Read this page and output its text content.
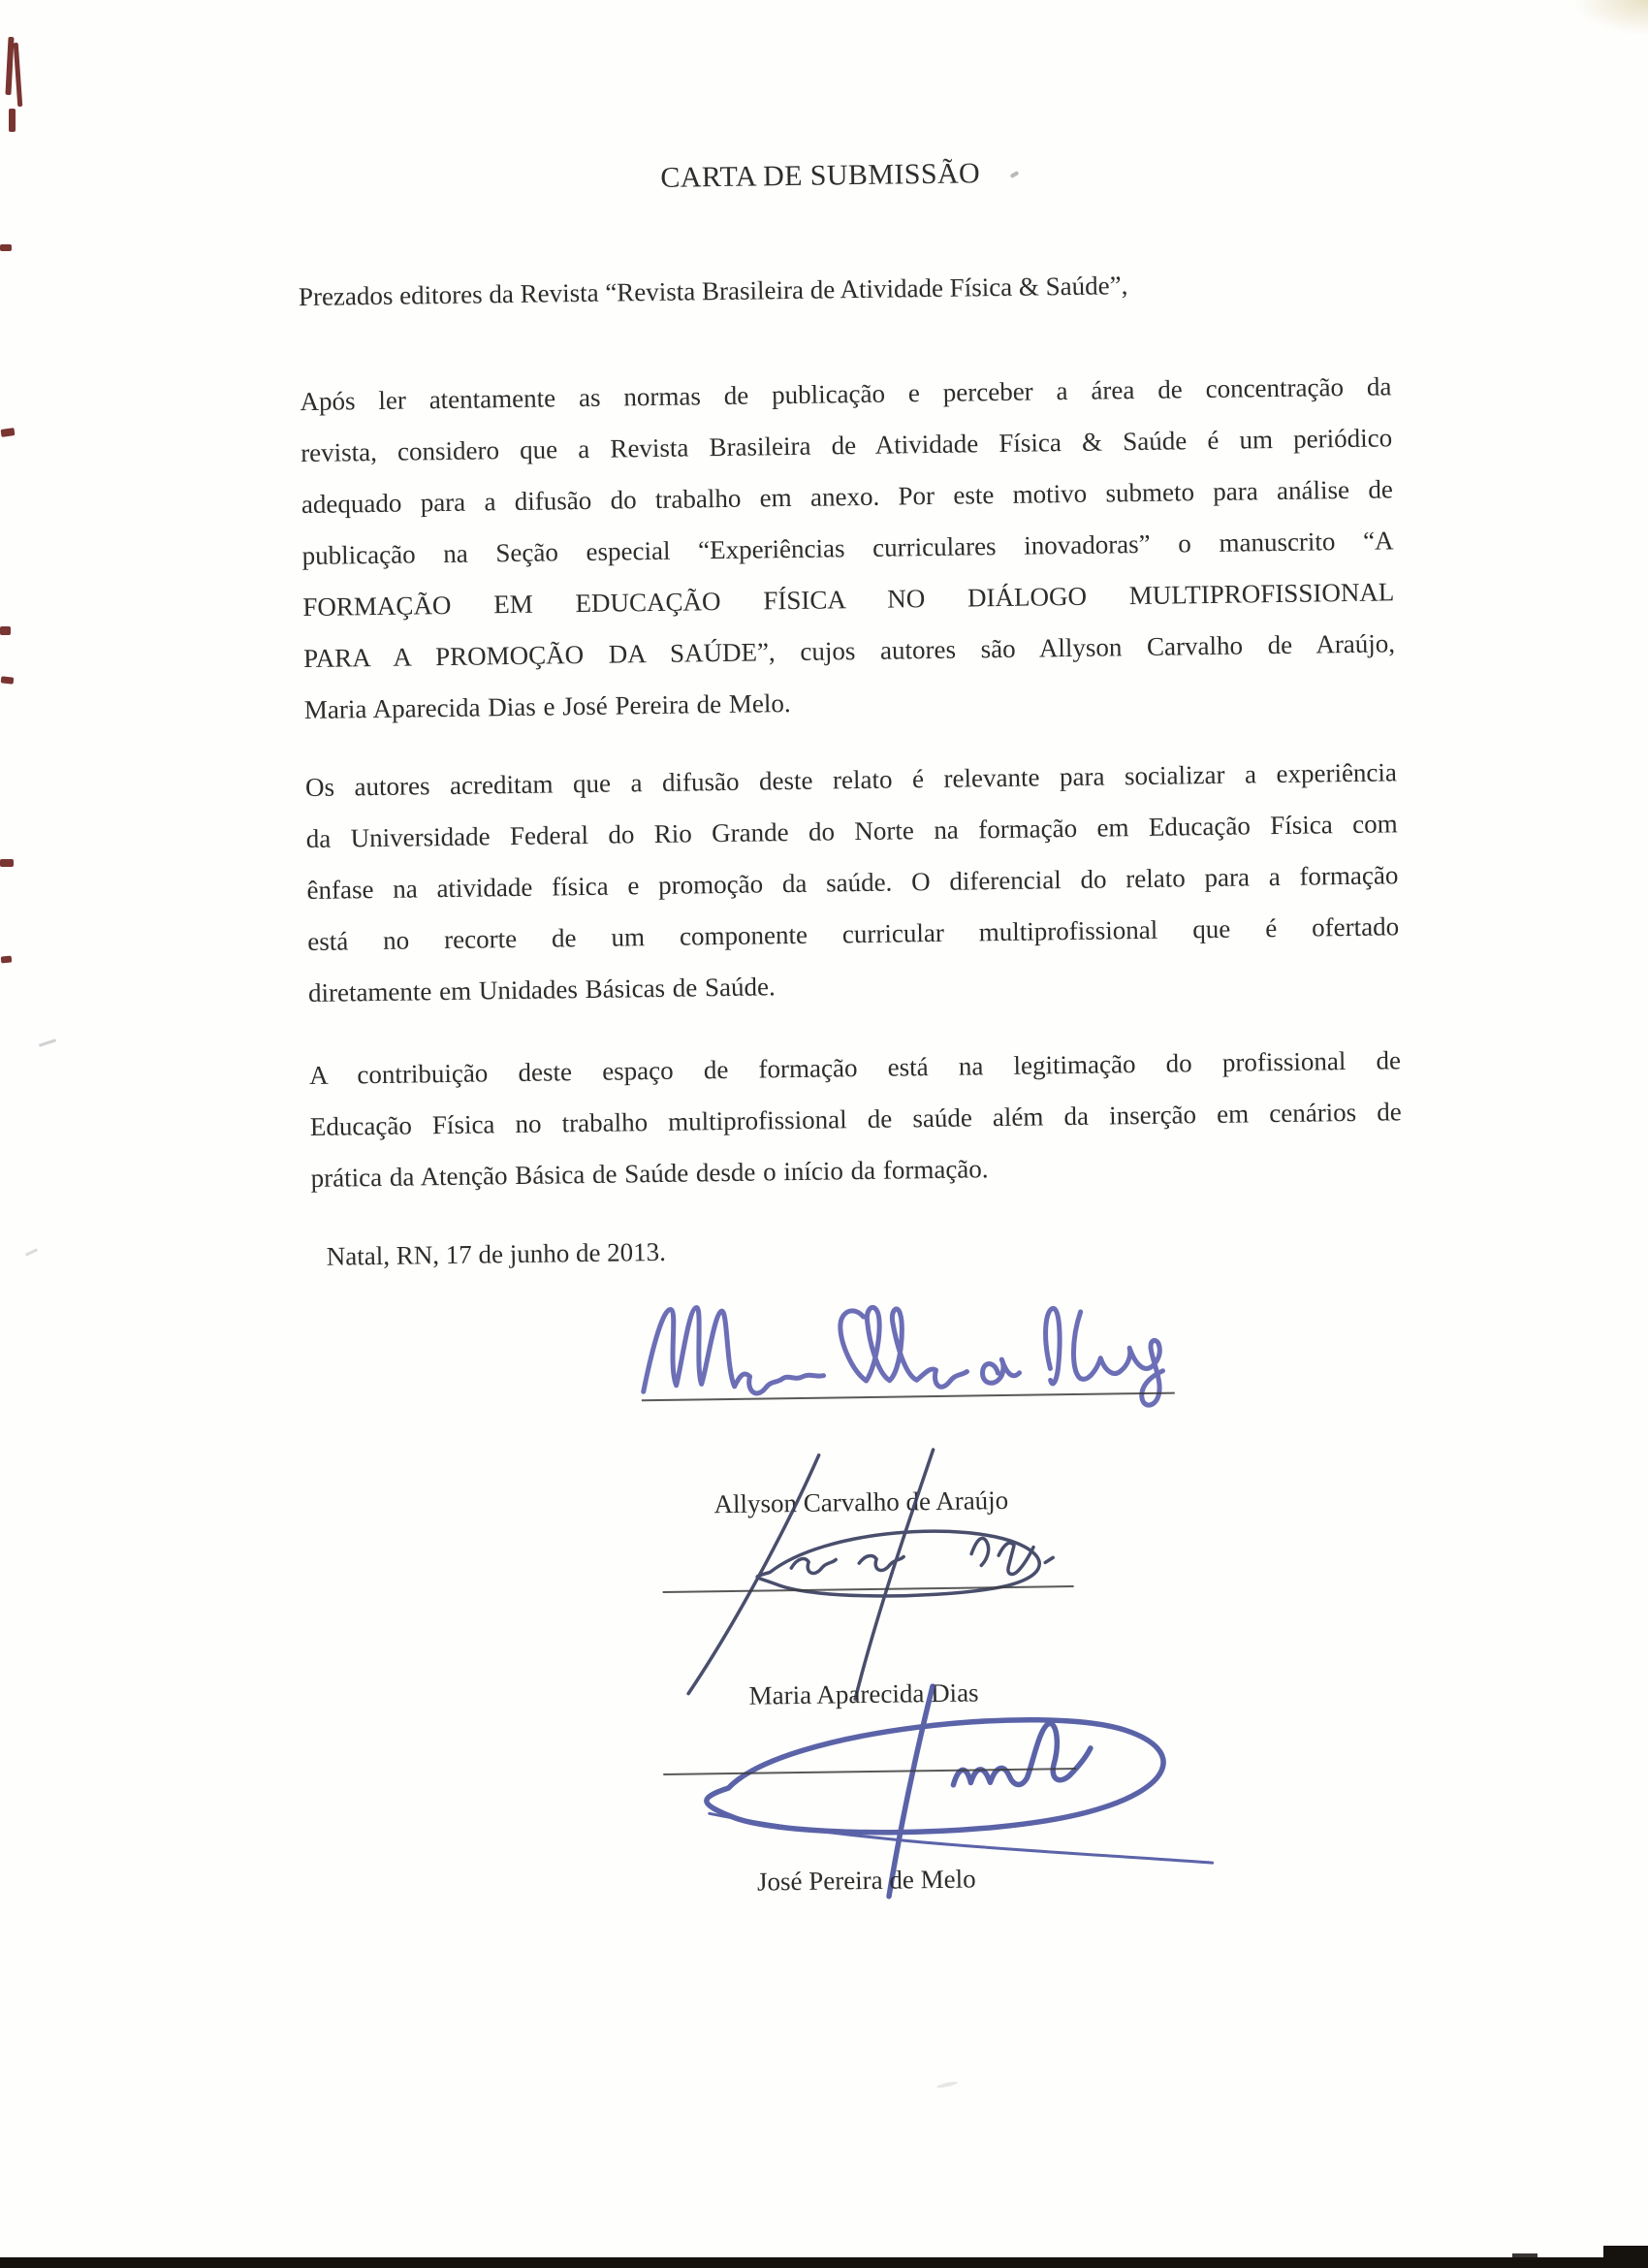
CARTA DE SUBMISSÃO

Prezados editores da Revista “Revista Brasileira de Atividade Física & Saúde”,

Após ler atentamente as normas de publicação e perceber a área de concentração da
revista, considero que a Revista Brasileira de Atividade Física & Saúde é um periódico
adequado para a difusão do trabalho em anexo. Por este motivo submeto para análise de
publicação na Seção especial “Experiências curriculares inovadoras” o manuscrito “A
FORMAÇÃO EM EDUCAÇÃO FÍSICA NO DIÁLOGO MULTIPROFISSIONAL
PARA A PROMOÇÃO DA SAÚDE”, cujos autores são Allyson Carvalho de Araújo,
Maria Aparecida Dias e José Pereira de Melo.
Os autores acreditam que a difusão deste relato é relevante para socializar a experiência
da Universidade Federal do Rio Grande do Norte na formação em Educação Física com
ênfase na atividade física e promoção da saúde. O diferencial do relato para a formação
está no recorte de um componente curricular multiprofissional que é ofertado
diretamente em Unidades Básicas de Saúde.
A contribuição deste espaço de formação está na legitimação do profissional de
Educação Física no trabalho multiprofissional de saúde além da inserção em cenários de
prática da Atenção Básica de Saúde desde o início da formação.

Natal, RN, 17 de junho de 2013.

Allyson Carvalho de Araújo
Maria Aparecida Dias
José Pereira de Melo
